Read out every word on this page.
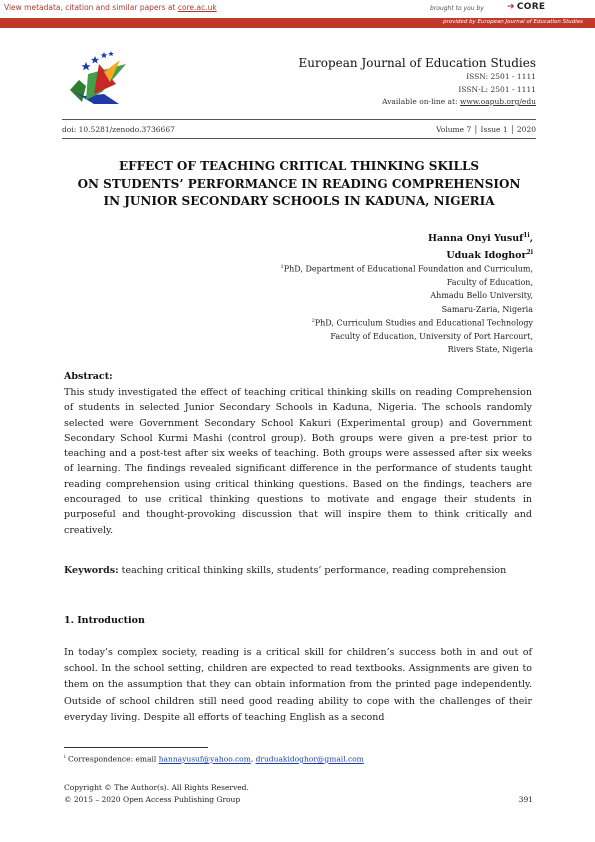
View metadata, citation and similar papers at core.ac.uk	brought to you by	➜ CORE
provided by European Journal of Education Studies
European Journal of Education Studies
ISSN: 2501 - 1111
ISSN-L: 2501 - 1111
Available on-line at: www.oapub.org/edu
doi: 10.5281/zenodo.3736667	Volume 7 │ Issue 1 │ 2020
EFFECT OF TEACHING CRITICAL THINKING SKILLS
ON STUDENTS’ PERFORMANCE IN READING COMPREHENSION
IN JUNIOR SECONDARY SCHOOLS IN KADUNA, NIGERIA
Hanna Onyi Yusuf$^{1i}$,
Uduak Idoghor$^{2i}$
$^1$PhD, Department of Educational Foundation and Curriculum,
Faculty of Education,
Ahmadu Bello University,
Samaru-Zaria, Nigeria
$^2$PhD, Curriculum Studies and Educational Technology
Faculty of Education, University of Port Harcourt,
Rivers State, Nigeria
Abstract:
This study investigated the effect of teaching critical thinking skills on reading Comprehension of students in selected Junior Secondary Schools in Kaduna, Nigeria. The schools randomly selected were Government Secondary School Kakuri (Experimental group) and Government Secondary School Kurmi Mashi (control group). Both groups were given a pre-test prior to teaching and a post-test after six weeks of teaching. Both groups were assessed after six weeks of learning. The findings revealed significant difference in the performance of students taught reading comprehension using critical thinking questions. Based on the findings, teachers are encouraged to use critical thinking questions to motivate and engage their students in purposeful and thought-provoking discussion that will inspire them to think critically and creatively.
Keywords: teaching critical thinking skills, students’ performance, reading comprehension
1. Introduction
In today’s complex society, reading is a critical skill for children’s success both in and out of school. In the school setting, children are expected to read textbooks. Assignments are given to them on the assumption that they can obtain information from the printed page independently. Outside of school children still need good reading ability to cope with the challenges of their everyday living. Despite all efforts of teaching English as a second
$^i$ Correspondence: email hannayusuf@yahoo.com, druduakidoghor@gmail.com
Copyright © The Author(s). All Rights Reserved.
© 2015 – 2020 Open Access Publishing Group	391
